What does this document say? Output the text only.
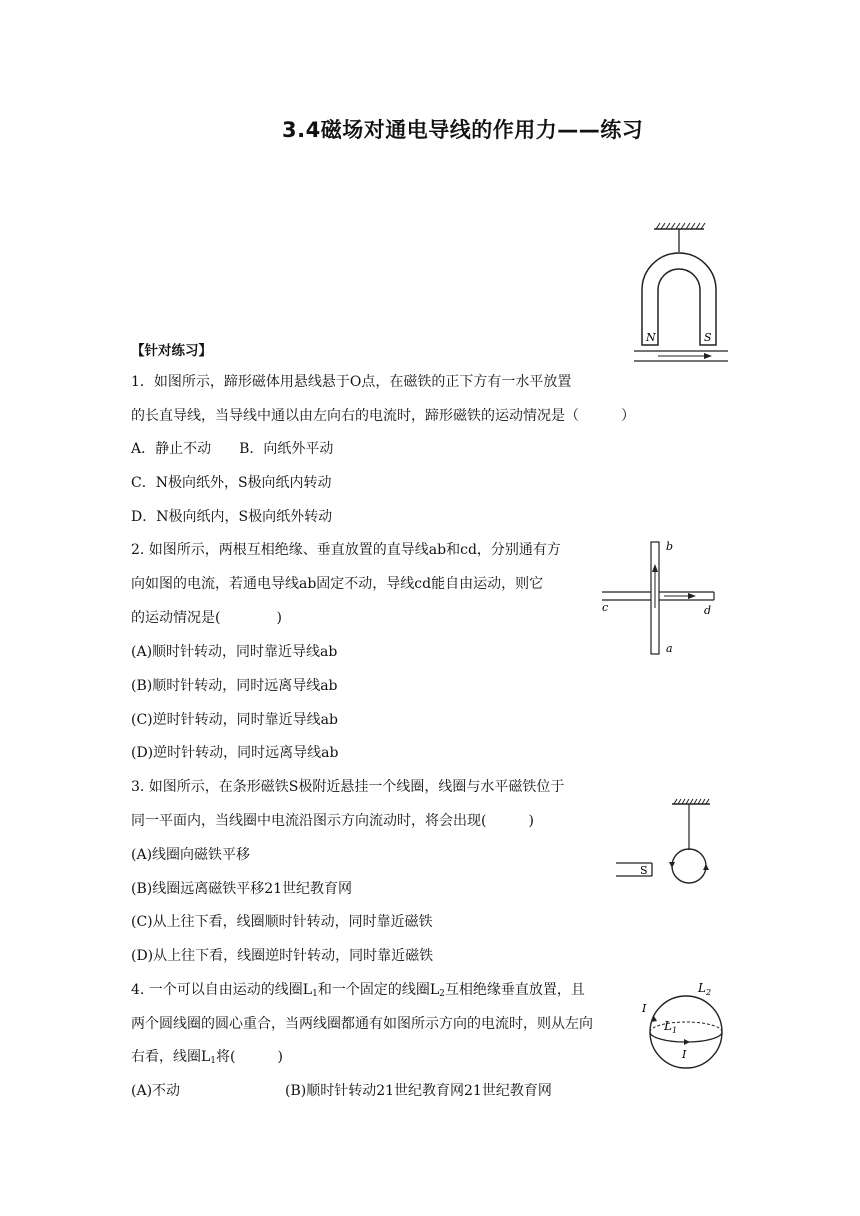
3.4磁场对通电导线的作用力——练习
N	S
【针对练习】
1．如图所示，蹄形磁体用悬线悬于O点，在磁铁的正下方有一水平放置
的长直导线，当导线中通以由左向右的电流时，蹄形磁铁的运动情况是（　　　）
A．静止不动　　B．向纸外平动
C．N极向纸外，S极向纸内转动
D．N极向纸内，S极向纸外转动
b
a
c	d
2. 如图所示，两根互相绝缘、垂直放置的直导线ab和cd，分别通有方
向如图的电流，若通电导线ab固定不动，导线cd能自由运动，则它
的运动情况是(　　　　)
(A)顺时针转动，同时靠近导线ab
(B)顺时针转动，同时远离导线ab
(C)逆时针转动，同时靠近导线ab
(D)逆时针转动，同时远离导线ab
3. 如图所示，在条形磁铁S极附近悬挂一个线圈，线圈与水平磁铁位于
同一平面内，当线圈中电流沿图示方向流动时，将会出现(　　　)
(A)线圈向磁铁平移
(B)线圈远离磁铁平移21世纪教育网
(C)从上往下看，线圈顺时针转动，同时靠近磁铁
(D)从上往下看，线圈逆时针转动，同时靠近磁铁
S
4. 一个可以自由运动的线圈$L_1$和一个固定的线圈$L_2$互相绝缘垂直放置，且
两个圆线圈的圆心重合，当两线圈都通有如图所示方向的电流时，则从左向
右看，线圈$L_1$将(　　　)
(A)不动	(B)顺时针转动21世纪教育网21世纪教育网
$L_2$
$L_1$
I
I
